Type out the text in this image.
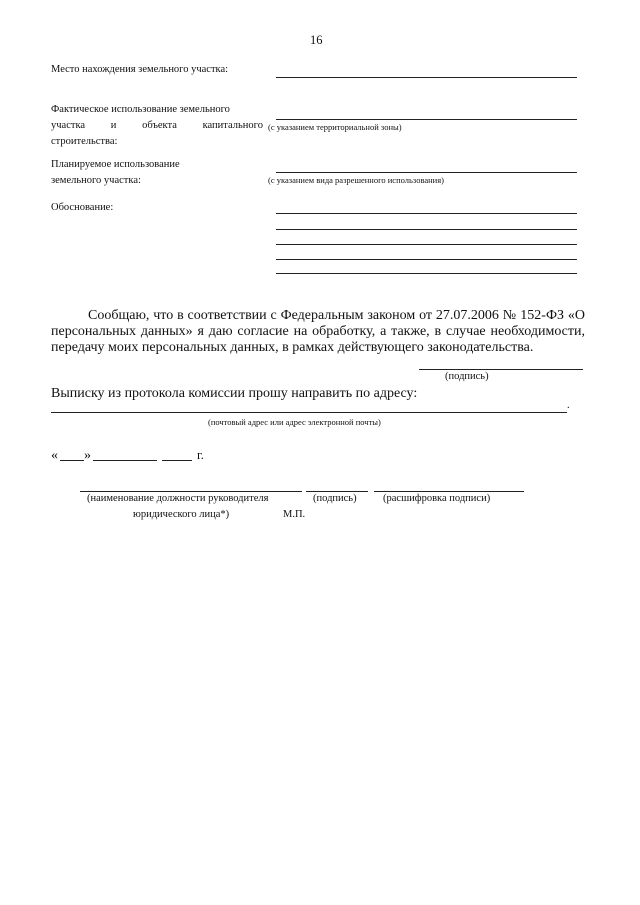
16
Место нахождения земельного участка:
Фактическое использование земельного
участка и объекта капитального
строительства:
(с указанием территориальной зоны)
Планируемое использование
земельного участка:	(с указанием вида разрешенного использования)
Обоснование:
Сообщаю, что в соответствии с Федеральным законом от 27.07.2006 № 152-ФЗ «О
персональных данных» я даю согласие на обработку, а также, в случае необходимости,
передачу моих персональных данных, в рамках действующего законодательства.
(подпись)
Выписку из протокола комиссии прошу направить по адресу:
.
(почтовый адрес или адрес электронной почты)
« »	г.
(наименование должности руководителя
юридического лица*)
(подпись)
М.П.
(расшифровка подписи)
